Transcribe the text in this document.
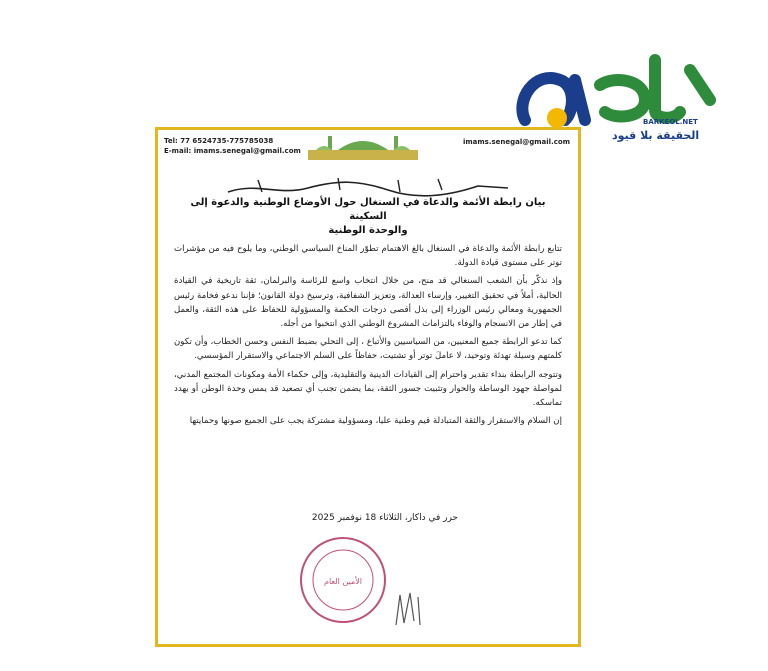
Tel: 77 6524735-775785038
E-mail: imams.senegal@gmail.com
imams.senegal@gmail.com
بيان رابطة الأئمة والدعاة في السنغال حول الأوضاع الوطنية والدعوة إلى السكينة
والوحدة الوطنية

تتابع رابطة الأئمة والدعاة في السنغال بالغ الاهتمام تطوّر المناخ السياسي الوطني، وما يلوح فيه من مؤشرات توتر على مستوى قيادة الدولة.

وإذ نذكّر بأن الشعب السنغالي قد منح، من خلال انتخاب واسع للرئاسة والبرلمان، ثقة تاريخية في القيادة الحالية، أملاً في تحقيق التغيير، وإرساء العدالة، وتعزيز الشفافية، وترسيخ دولة القانون؛ فإننا ندعو فخامة رئيس الجمهورية ومعالي رئيس الوزراء إلى بذل أقصى درجات الحكمة والمسؤولية للحفاظ على هذه الثقة، والعمل في إطار من الانسجام والوفاء بالتزامات المشروع الوطني الذي انتخبوا من أجله.

كما تدعو الرابطة جميع المعنيين، من السياسيين والأتباع ، إلى التحلي بضبط النفس وحسن الخطاب، وأن تكون كلمتهم وسيلة تهدئة وتوحيد، لا عاملَ توتر أو تشتيت، حفاظاً على السلم الاجتماعي والاستقرار المؤسسي.

وتتوجه الرابطة بنداء تقدير واحترام إلى القيادات الدينية والتقليدية، وإلى حكماء الأمة ومكونات المجتمع المدني، لمواصلة جهود الوساطة والحوار وتثبيت جسور الثقة، بما يضمن تجنب أي تصعيد قد يمس وحدة الوطن أو يهدد تماسكه.

إن السلام والاستقرار والثقة المتبادلة قيم وطنية عليا، ومسؤولية مشتركة يجب على الجميع صونها وحمايتها

حرر في داكار، الثلاثاء 18 نوفمبر 2025
الأمين العام
BARKEOL.NET
الحقيقة بلا قيود
